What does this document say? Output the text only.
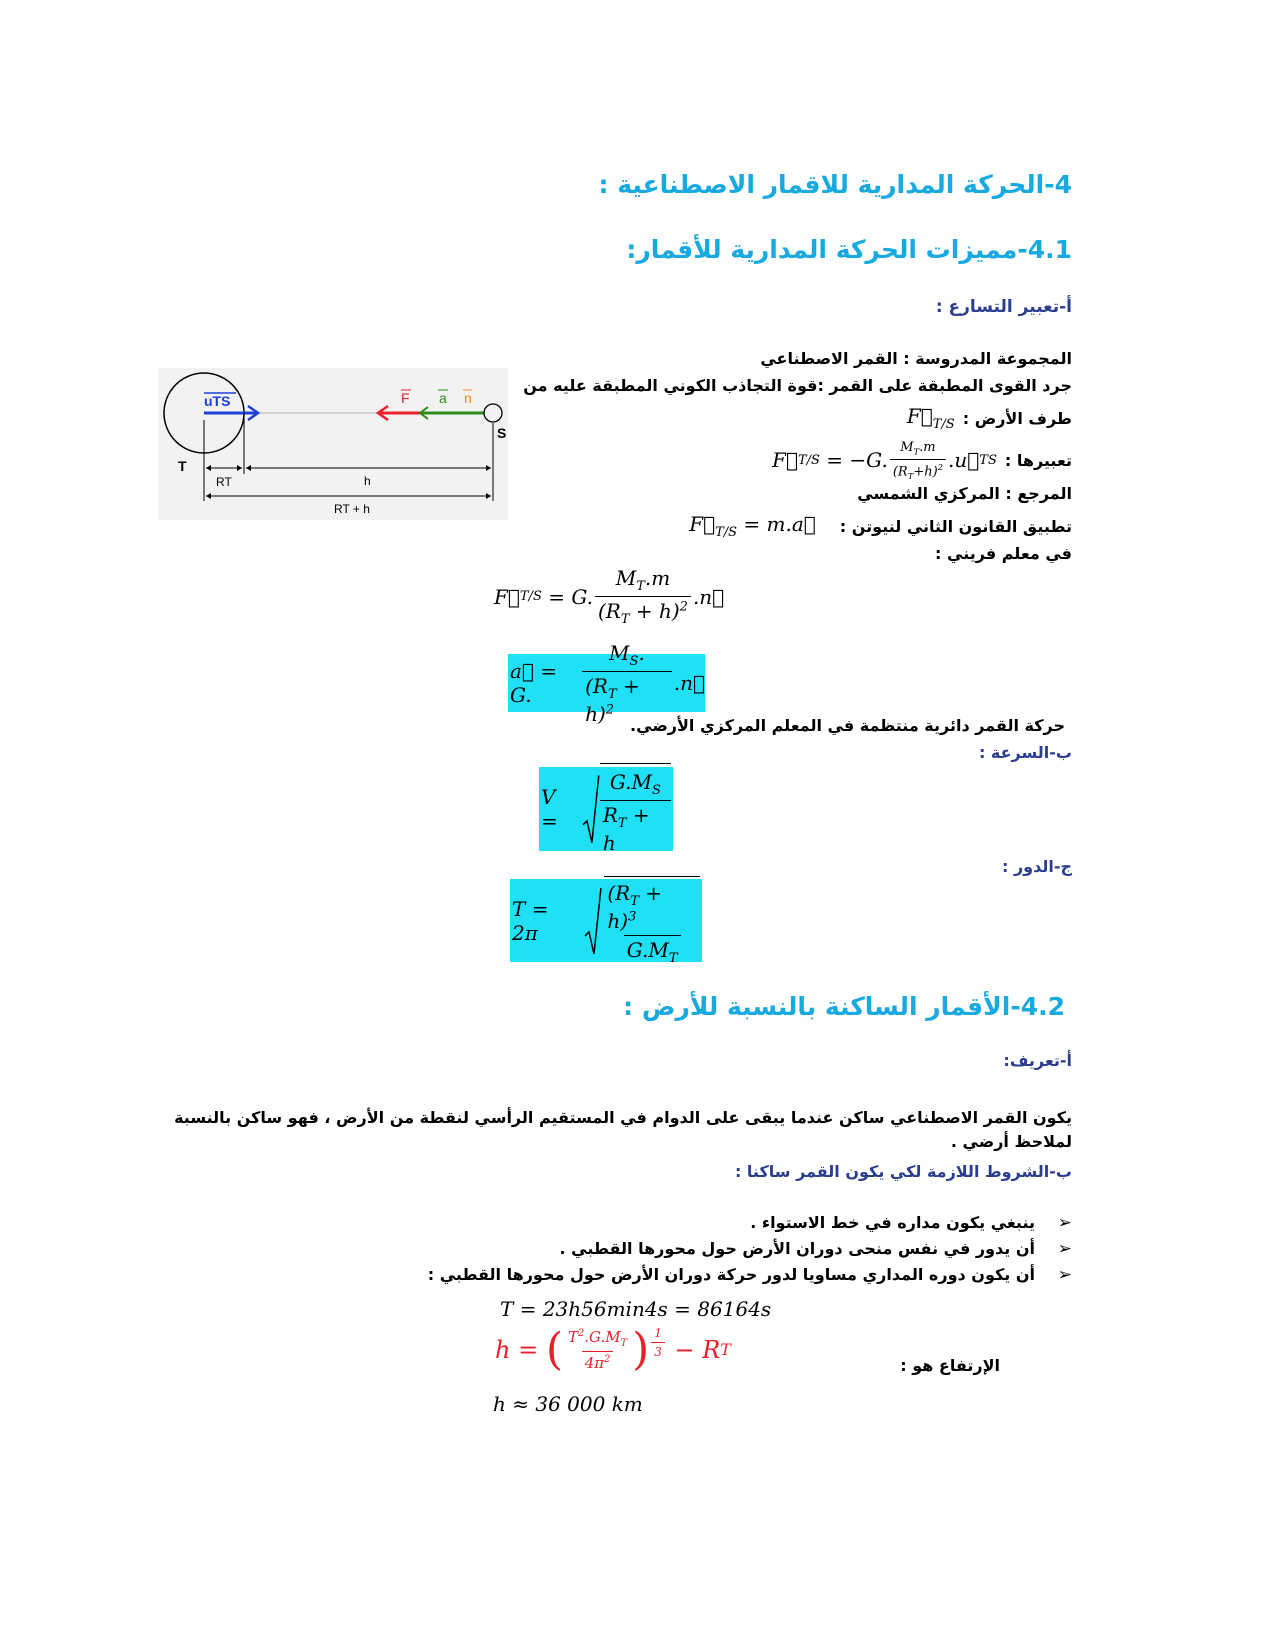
4-الحركة المدارية للاقمار الاصطناعية :
4.1-مميزات الحركة المدارية للأقمار:
أ-تعبير التسارع :
uTS	F a n
S
T
RT	h
RT + h
المجموعة المدروسة : القمر الاصطناعي
جرد القوى المطبقة على القمر :قوة التجاذب الكوني المطبقة عليه من
طرف الأرض :
$F⃗_{T/S}$
تعبيرها :
F⃗ T/S = −G. $\frac{M_T.m}{(R_T+h)^2}$ .u⃗ TS
المرجع : المركزي الشمسي
تطبيق القانون الثاني لنيوتن :
$F⃗_{T/S}$ = m.a⃗
في معلم فريني :
F⃗ T/S = G. $\frac{M_T.m}{(R_T + h)^2}$ .n⃗
a⃗ = G.	$\frac{M_S.}{(R_T + h)^2}$ .n⃗
حركة القمر دائرية منتظمة في المعلم المركزي الأرضي.
ب-السرعة :
V =	$\frac{G.M_S}{R_T + h}$
ج-الدور :
T = 2π	$\frac{(R_T + h)^3}{G.M_T}$
4.2-الأقمار الساكنة بالنسبة للأرض :
أ-تعريف:
يكون القمر الاصطناعي ساكن عندما يبقى على الدوام في المستقيم الرأسي لنقطة من الأرض ، فهو ساكن بالنسبة لملاحظ أرضي .
ب-الشروط اللازمة لكي يكون القمر ساكنا :
➢
ينبغي يكون مداره في خط الاستواء .
➢
أن يدور في نفس منحى دوران الأرض حول محورها القطبي .
➢
أن يكون دوره المداري مساويا لدور حركة دوران الأرض حول محورها القطبي :
T = 23h56min4s = 86164s
h = ( $\frac{T^2.G.M_T}{4\pi^2}$ ) $\frac{1}{3} - R_T$
الإرتفاع هو :
h ≈ 36 000 km
